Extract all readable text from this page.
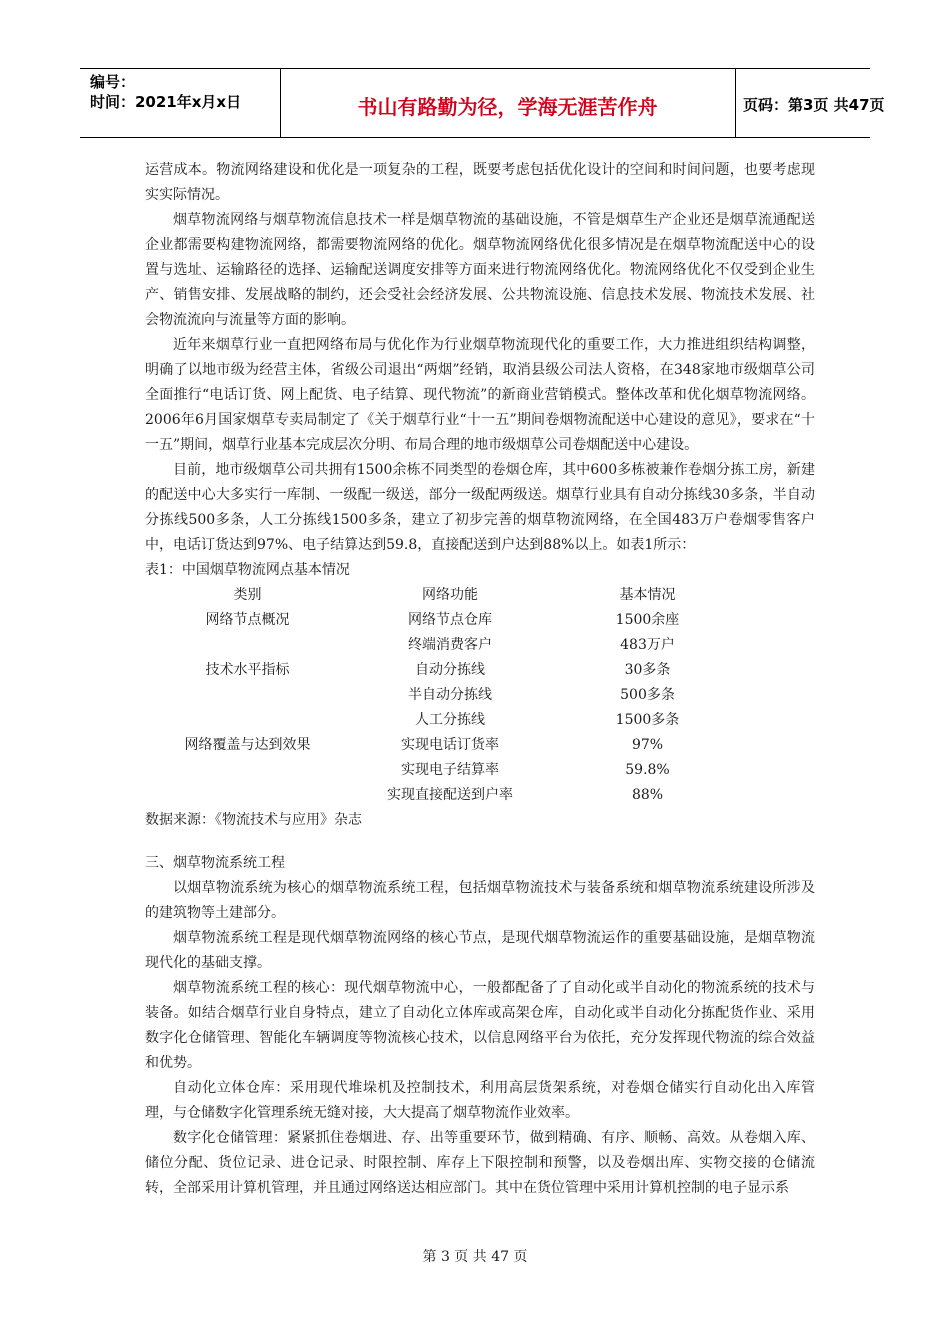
编号：
时间：2021年x月x日	书山有路勤为径，学海无涯苦作舟	页码：第3页 共47页

运营成本。物流网络建设和优化是一项复杂的工程，既要考虑包括优化设计的空间和时间问题，也要考虑现实实际情况。

烟草物流网络与烟草物流信息技术一样是烟草物流的基础设施，不管是烟草生产企业还是烟草流通配送企业都需要构建物流网络，都需要物流网络的优化。烟草物流网络优化很多情况是在烟草物流配送中心的设置与选址、运输路径的选择、运输配送调度安排等方面来进行物流网络优化。物流网络优化不仅受到企业生产、销售安排、发展战略的制约，还会受社会经济发展、公共物流设施、信息技术发展、物流技术发展、社会物流流向与流量等方面的影响。

近年来烟草行业一直把网络布局与优化作为行业烟草物流现代化的重要工作，大力推进组织结构调整，明确了以地市级为经营主体，省级公司退出“两烟”经销，取消县级公司法人资格，在348家地市级烟草公司全面推行“电话订货、网上配货、电子结算、现代物流”的新商业营销模式。整体改革和优化烟草物流网络。2006年6月国家烟草专卖局制定了《关于烟草行业“十一五”期间卷烟物流配送中心建设的意见》，要求在“十一五”期间，烟草行业基本完成层次分明、布局合理的地市级烟草公司卷烟配送中心建设。

目前，地市级烟草公司共拥有1500余栋不同类型的卷烟仓库，其中600多栋被兼作卷烟分拣工房，新建的配送中心大多实行一库制、一级配一级送，部分一级配两级送。烟草行业具有自动分拣线30多条，半自动分拣线500多条，人工分拣线1500多条，建立了初步完善的烟草物流网络，在全国483万户卷烟零售客户中，电话订货达到97%、电子结算达到59.8，直接配送到户达到88%以上。如表1所示：

表1：中国烟草物流网点基本情况

类别	网络功能	基本情况
网络节点概况	网络节点仓库	1500余座
	终端消费客户	483万户
技术水平指标	自动分拣线	30多条
	半自动分拣线	500多条
	人工分拣线	1500多条
网络覆盖与达到效果	实现电话订货率	97%
	实现电子结算率	59.8%
	实现直接配送到户率	88%

数据来源：《物流技术与应用》杂志

三、烟草物流系统工程

以烟草物流系统为核心的烟草物流系统工程，包括烟草物流技术与装备系统和烟草物流系统建设所涉及的建筑物等土建部分。

烟草物流系统工程是现代烟草物流网络的核心节点，是现代烟草物流运作的重要基础设施，是烟草物流现代化的基础支撑。

烟草物流系统工程的核心：现代烟草物流中心，一般都配备了了自动化或半自动化的物流系统的技术与装备。如结合烟草行业自身特点，建立了自动化立体库或高架仓库，自动化或半自动化分拣配货作业、采用数字化仓储管理、智能化车辆调度等物流核心技术，以信息网络平台为依托，充分发挥现代物流的综合效益和优势。

自动化立体仓库：采用现代堆垛机及控制技术，利用高层货架系统，对卷烟仓储实行自动化出入库管理，与仓储数字化管理系统无缝对接，大大提高了烟草物流作业效率。

数字化仓储管理：紧紧抓住卷烟进、存、出等重要环节，做到精确、有序、顺畅、高效。从卷烟入库、储位分配、货位记录、进仓记录、时限控制、库存上下限控制和预警，以及卷烟出库、实物交接的仓储流转，全部采用计算机管理，并且通过网络送达相应部门。其中在货位管理中采用计算机控制的电子显示系

第 3 页 共 47 页
